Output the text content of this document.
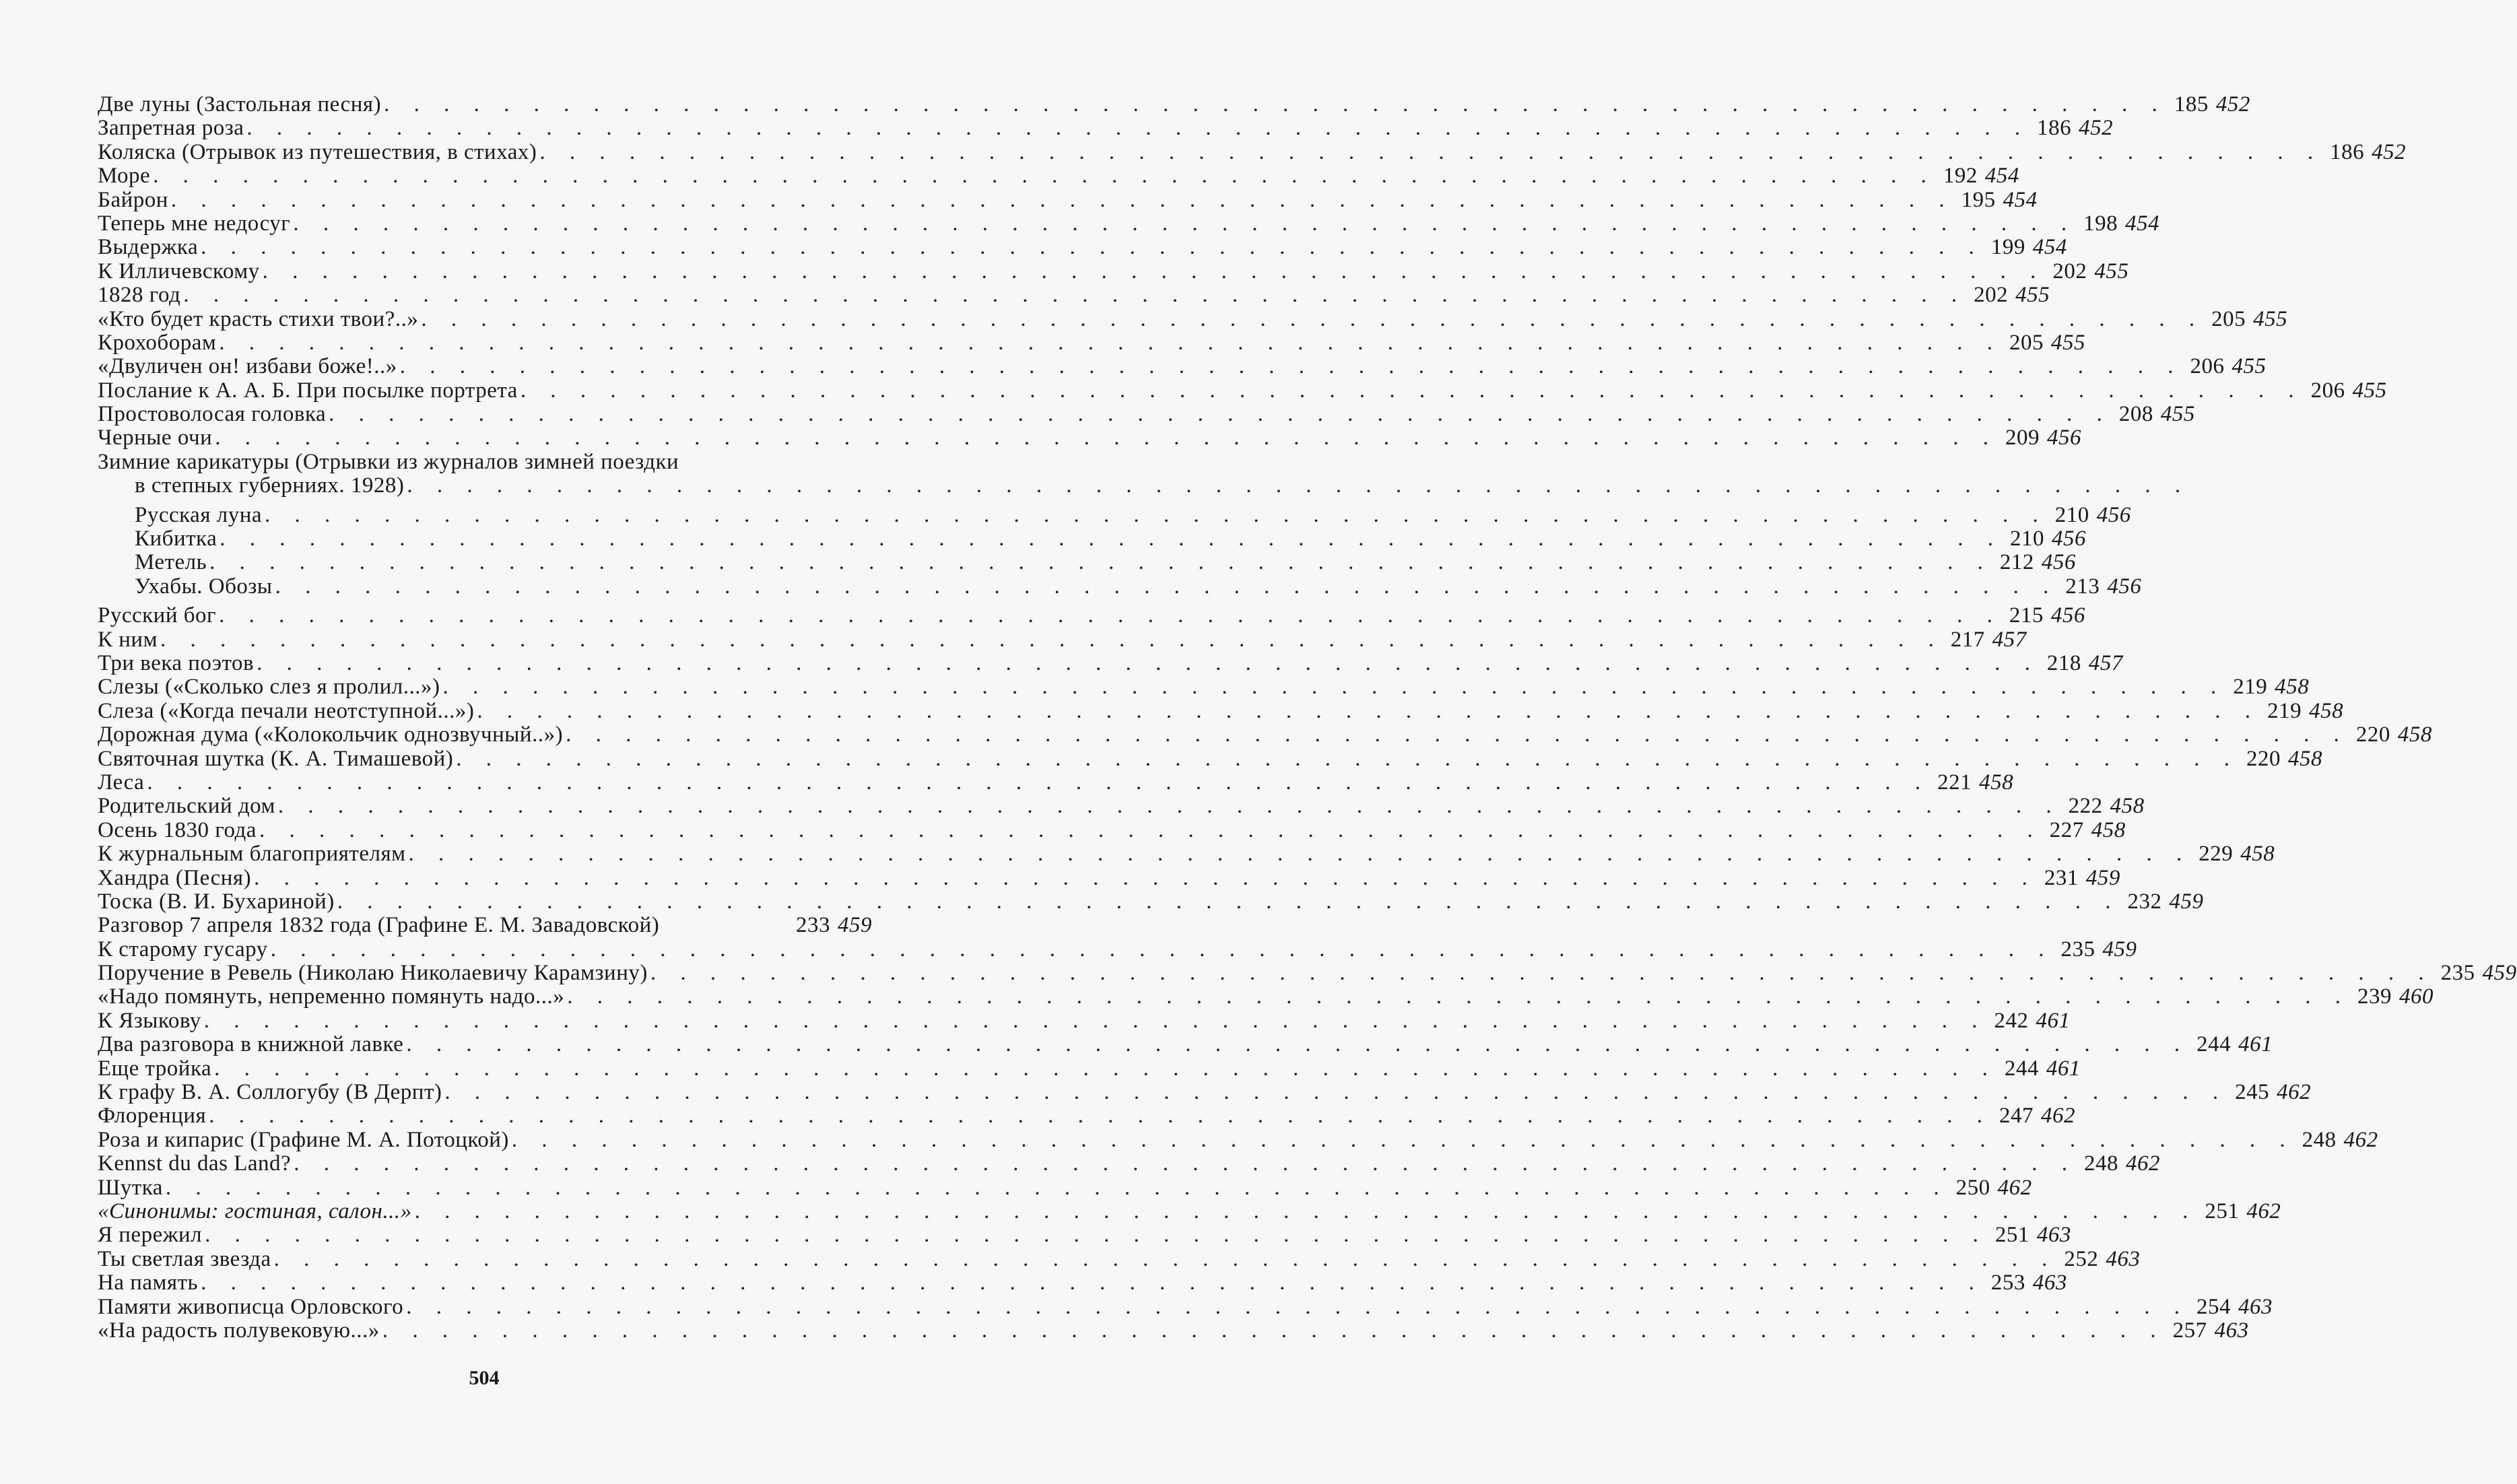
Две луны (Застольная песня) . . . . . . . . . . . . . . . . . . . . . . . . . . . . . . . . . . . . . . . . . . . . . . . . . . . . . . . . . . . . 185 452
Запретная роза . . . . . . . . . . . . . . . . . . . . . . . . . . . . . . . . . . . . . . . . . . . . . . . . . . . . . . . . . . . . 186 452
Коляска (Отрывок из путешествия, в стихах) . . . . . . . . . . . . . . . . . . . . . . . . . . . . . . . . . . . . . . . . . . . . . . . . . . . . . . . . . . . . 186 452
Море . . . . . . . . . . . . . . . . . . . . . . . . . . . . . . . . . . . . . . . . . . . . . . . . . . . . . . . . . . . . 192 454
Байрон . . . . . . . . . . . . . . . . . . . . . . . . . . . . . . . . . . . . . . . . . . . . . . . . . . . . . . . . . . . . 195 454
Теперь мне недосуг . . . . . . . . . . . . . . . . . . . . . . . . . . . . . . . . . . . . . . . . . . . . . . . . . . . . . . . . . . . . 198 454
Выдержка . . . . . . . . . . . . . . . . . . . . . . . . . . . . . . . . . . . . . . . . . . . . . . . . . . . . . . . . . . . . 199 454
К Илличевскому . . . . . . . . . . . . . . . . . . . . . . . . . . . . . . . . . . . . . . . . . . . . . . . . . . . . . . . . . . . . 202 455
1828 год . . . . . . . . . . . . . . . . . . . . . . . . . . . . . . . . . . . . . . . . . . . . . . . . . . . . . . . . . . . . 202 455
«Кто будет красть стихи твои?..» . . . . . . . . . . . . . . . . . . . . . . . . . . . . . . . . . . . . . . . . . . . . . . . . . . . . . . . . . . . . 205 455
Крохоборам . . . . . . . . . . . . . . . . . . . . . . . . . . . . . . . . . . . . . . . . . . . . . . . . . . . . . . . . . . . . 205 455
«Двуличен он! избави боже!..» . . . . . . . . . . . . . . . . . . . . . . . . . . . . . . . . . . . . . . . . . . . . . . . . . . . . . . . . . . . . 206 455
Послание к А. А. Б. При посылке портрета . . . . . . . . . . . . . . . . . . . . . . . . . . . . . . . . . . . . . . . . . . . . . . . . . . . . . . . . . . . . 206 455
Простоволосая головка . . . . . . . . . . . . . . . . . . . . . . . . . . . . . . . . . . . . . . . . . . . . . . . . . . . . . . . . . . . . 208 455
Черные очи . . . . . . . . . . . . . . . . . . . . . . . . . . . . . . . . . . . . . . . . . . . . . . . . . . . . . . . . . . . . 209 456
Зимние карикатуры (Отрывки из журналов зимней поездки
в степных губерниях. 1928) . . . . . . . . . . . . . . . . . . . . . . . . . . . . . . . . . . . . . . . . . . . . . . . . . . . . . . . . . . . .
Русская луна . . . . . . . . . . . . . . . . . . . . . . . . . . . . . . . . . . . . . . . . . . . . . . . . . . . . . . . . . . . . 210 456
Кибитка . . . . . . . . . . . . . . . . . . . . . . . . . . . . . . . . . . . . . . . . . . . . . . . . . . . . . . . . . . . . 210 456
Метель . . . . . . . . . . . . . . . . . . . . . . . . . . . . . . . . . . . . . . . . . . . . . . . . . . . . . . . . . . . . 212 456
Ухабы. Обозы . . . . . . . . . . . . . . . . . . . . . . . . . . . . . . . . . . . . . . . . . . . . . . . . . . . . . . . . . . . . 213 456
Русский бог . . . . . . . . . . . . . . . . . . . . . . . . . . . . . . . . . . . . . . . . . . . . . . . . . . . . . . . . . . . . 215 456
К ним . . . . . . . . . . . . . . . . . . . . . . . . . . . . . . . . . . . . . . . . . . . . . . . . . . . . . . . . . . . . 217 457
Три века поэтов . . . . . . . . . . . . . . . . . . . . . . . . . . . . . . . . . . . . . . . . . . . . . . . . . . . . . . . . . . . . 218 457
Слезы («Сколько слез я пролил...») . . . . . . . . . . . . . . . . . . . . . . . . . . . . . . . . . . . . . . . . . . . . . . . . . . . . . . . . . . . . 219 458
Слеза («Когда печали неотступной...») . . . . . . . . . . . . . . . . . . . . . . . . . . . . . . . . . . . . . . . . . . . . . . . . . . . . . . . . . . . . 219 458
Дорожная дума («Колокольчик однозвучный..») . . . . . . . . . . . . . . . . . . . . . . . . . . . . . . . . . . . . . . . . . . . . . . . . . . . . . . . . . . . . 220 458
Святочная шутка (К. А. Тимашевой) . . . . . . . . . . . . . . . . . . . . . . . . . . . . . . . . . . . . . . . . . . . . . . . . . . . . . . . . . . . . 220 458
Леса . . . . . . . . . . . . . . . . . . . . . . . . . . . . . . . . . . . . . . . . . . . . . . . . . . . . . . . . . . . . 221 458
Родительский дом . . . . . . . . . . . . . . . . . . . . . . . . . . . . . . . . . . . . . . . . . . . . . . . . . . . . . . . . . . . . 222 458
Осень 1830 года . . . . . . . . . . . . . . . . . . . . . . . . . . . . . . . . . . . . . . . . . . . . . . . . . . . . . . . . . . . . 227 458
К журнальным благоприятелям . . . . . . . . . . . . . . . . . . . . . . . . . . . . . . . . . . . . . . . . . . . . . . . . . . . . . . . . . . . . 229 458
Хандра (Песня) . . . . . . . . . . . . . . . . . . . . . . . . . . . . . . . . . . . . . . . . . . . . . . . . . . . . . . . . . . . . 231 459
Тоска (В. И. Бухариной) . . . . . . . . . . . . . . . . . . . . . . . . . . . . . . . . . . . . . . . . . . . . . . . . . . . . . . . . . . . . 232 459
Разговор 7 апреля 1832 года (Графине Е. М. Завадовской)	233 459
К старому гусару . . . . . . . . . . . . . . . . . . . . . . . . . . . . . . . . . . . . . . . . . . . . . . . . . . . . . . . . . . . . 235 459
Поручение в Ревель (Николаю Николаевичу Карамзину) . . . . . . . . . . . . . . . . . . . . . . . . . . . . . . . . . . . . . . . . . . . . . . . . . . . . . . . . . . . . 235 459
«Надо помянуть, непременно помянуть надо...» . . . . . . . . . . . . . . . . . . . . . . . . . . . . . . . . . . . . . . . . . . . . . . . . . . . . . . . . . . . . 239 460
К Языкову . . . . . . . . . . . . . . . . . . . . . . . . . . . . . . . . . . . . . . . . . . . . . . . . . . . . . . . . . . . . 242 461
Два разговора в книжной лавке . . . . . . . . . . . . . . . . . . . . . . . . . . . . . . . . . . . . . . . . . . . . . . . . . . . . . . . . . . . . 244 461
Еще тройка . . . . . . . . . . . . . . . . . . . . . . . . . . . . . . . . . . . . . . . . . . . . . . . . . . . . . . . . . . . . 244 461
К графу В. А. Соллогубу (В Дерпт) . . . . . . . . . . . . . . . . . . . . . . . . . . . . . . . . . . . . . . . . . . . . . . . . . . . . . . . . . . . . 245 462
Флоренция . . . . . . . . . . . . . . . . . . . . . . . . . . . . . . . . . . . . . . . . . . . . . . . . . . . . . . . . . . . . 247 462
Роза и кипарис (Графине М. А. Потоцкой) . . . . . . . . . . . . . . . . . . . . . . . . . . . . . . . . . . . . . . . . . . . . . . . . . . . . . . . . . . . . 248 462
Kennst du das Land? . . . . . . . . . . . . . . . . . . . . . . . . . . . . . . . . . . . . . . . . . . . . . . . . . . . . . . . . . . . . 248 462
Шутка . . . . . . . . . . . . . . . . . . . . . . . . . . . . . . . . . . . . . . . . . . . . . . . . . . . . . . . . . . . . 250 462
«Синонимы: гостиная, салон...» . . . . . . . . . . . . . . . . . . . . . . . . . . . . . . . . . . . . . . . . . . . . . . . . . . . . . . . . . . . . 251 462
Я пережил . . . . . . . . . . . . . . . . . . . . . . . . . . . . . . . . . . . . . . . . . . . . . . . . . . . . . . . . . . . . 251 463
Ты светлая звезда . . . . . . . . . . . . . . . . . . . . . . . . . . . . . . . . . . . . . . . . . . . . . . . . . . . . . . . . . . . . 252 463
На память . . . . . . . . . . . . . . . . . . . . . . . . . . . . . . . . . . . . . . . . . . . . . . . . . . . . . . . . . . . . 253 463
Памяти живописца Орловского . . . . . . . . . . . . . . . . . . . . . . . . . . . . . . . . . . . . . . . . . . . . . . . . . . . . . . . . . . . . 254 463
«На радость полувековую...» . . . . . . . . . . . . . . . . . . . . . . . . . . . . . . . . . . . . . . . . . . . . . . . . . . . . . . . . . . . . 257 463
504
